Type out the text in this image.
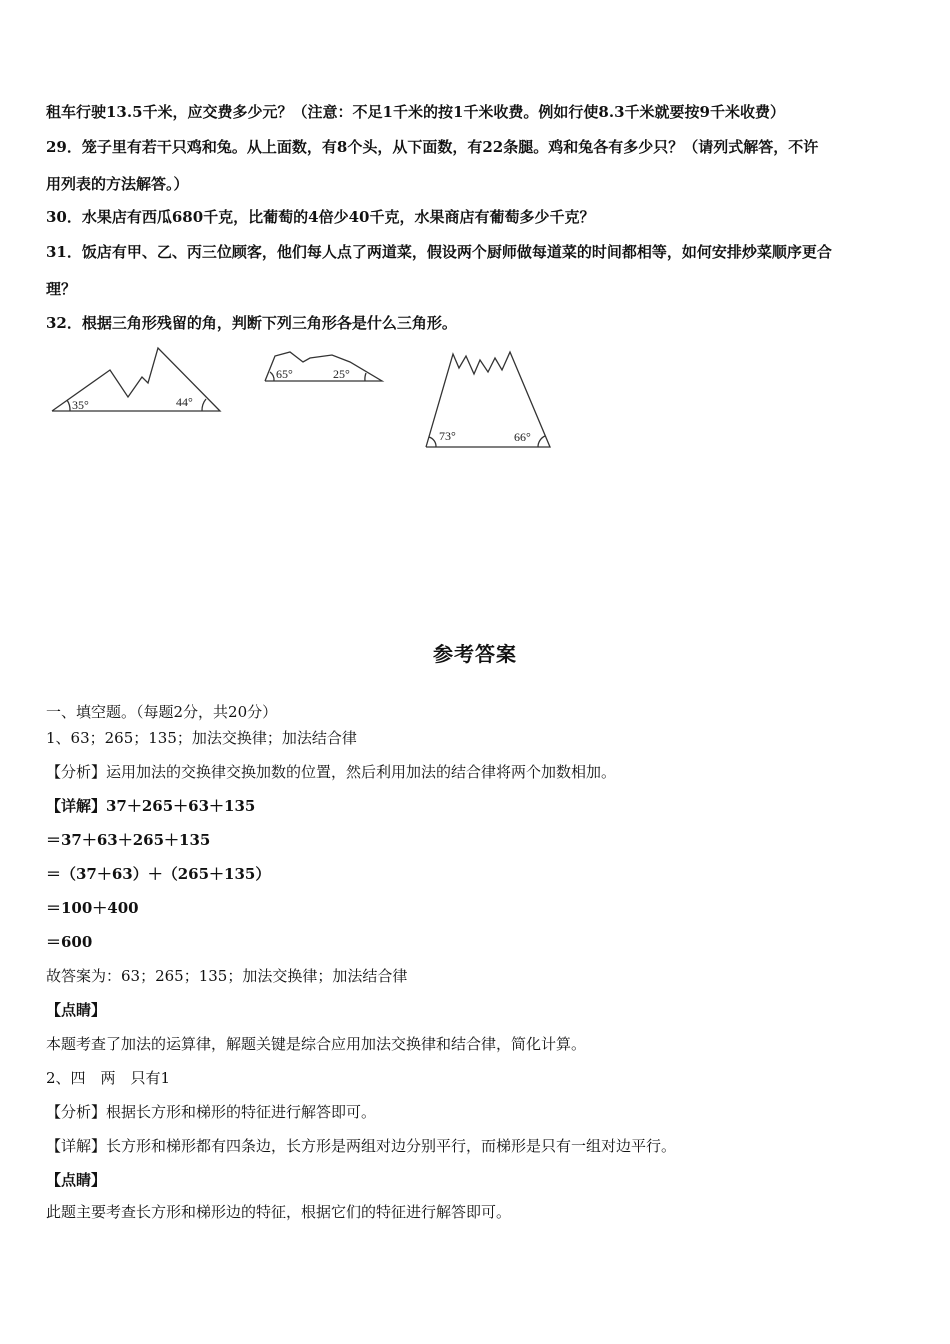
租车行驶13.5千米，应交费多少元？（注意：不足1千米的按1千米收费。例如行使8.3千米就要按9千米收费）
29．笼子里有若干只鸡和兔。从上面数，有8个头，从下面数，有22条腿。鸡和兔各有多少只？（请列式解答，不许
用列表的方法解答。）
30．水果店有西瓜680千克，比葡萄的4倍少40千克，水果商店有葡萄多少千克？
31．饭店有甲、乙、丙三位顾客，他们每人点了两道菜，假设两个厨师做每道菜的时间都相等，如何安排炒菜顺序更合
理？
32．根据三角形残留的角，判断下列三角形各是什么三角形。
35°	44°
65°	25°
73°	66°
参考答案
一、填空题。（每题2分，共20分）
1、63；265；135；加法交换律；加法结合律
【分析】运用加法的交换律交换加数的位置，然后利用加法的结合律将两个加数相加。
【详解】37＋265＋63＋135
＝37＋63＋265＋135
＝（37＋63）＋（265＋135）
＝100＋400
＝600
故答案为：63；265；135；加法交换律；加法结合律
【点睛】
本题考查了加法的运算律，解题关键是综合应用加法交换律和结合律，简化计算。
2、四　两　只有1
【分析】根据长方形和梯形的特征进行解答即可。
【详解】长方形和梯形都有四条边，长方形是两组对边分别平行，而梯形是只有一组对边平行。
【点睛】
此题主要考查长方形和梯形边的特征，根据它们的特征进行解答即可。
